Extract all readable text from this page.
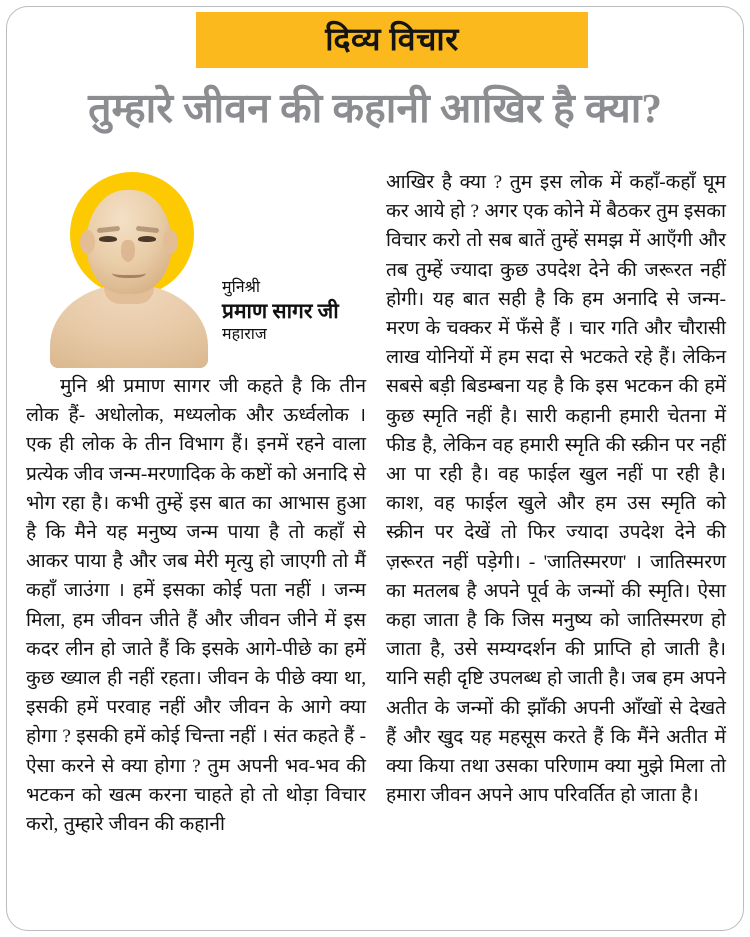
दिव्य विचार
तुम्हारे जीवन की कहानी आखिर है क्या?
मुनिश्री
प्रमाण सागर जी
महाराज

मुनि श्री प्रमाण सागर जी कहते है कि तीन लोक हैं- अधोलोक, मध्यलोक और ऊर्ध्वलोक । एक ही लोक के तीन विभाग हैं। इनमें रहने वाला प्रत्येक जीव जन्म-मरणादिक के कष्टों को अनादि से भोग रहा है। कभी तुम्हें इस बात का आभास हुआ है कि मैने यह मनुष्य जन्म पाया है तो कहाँ से आकर पाया है और जब मेरी मृत्यु हो जाएगी तो मैं कहाँ जाउंगा । हमें इसका कोई पता नहीं । जन्म मिला, हम जीवन जीते हैं और जीवन जीने में इस कदर लीन हो जाते हैं कि इसके आगे-पीछे का हमें कुछ ख्याल ही नहीं रहता। जीवन के पीछे क्या था, इसकी हमें परवाह नहीं और जीवन के आगे क्या होगा ? इसकी हमें कोई चिन्ता नहीं । संत कहते हैं - ऐसा करने से क्या होगा ? तुम अपनी भव-भव की भटकन को खत्म करना चाहते हो तो थोड़ा विचार करो, तुम्हारे जीवन की कहानी

आखिर है क्या ? तुम इस लोक में कहाँ-कहाँ घूम कर आये हो ? अगर एक कोने में बैठकर तुम इसका विचार करो तो सब बातें तुम्हें समझ में आएँगी और तब तुम्हें ज्यादा कुछ उपदेश देने की जरूरत नहीं होगी। यह बात सही है कि हम अनादि से जन्म- मरण के चक्कर में फँसे हैं । चार गति और चौरासी लाख योनियों में हम सदा से भटकते रहे हैं। लेकिन सबसे बड़ी बिडम्बना यह है कि इस भटकन की हमें कुछ स्मृति नहीं है। सारी कहानी हमारी चेतना में फीड है, लेकिन वह हमारी स्मृति की स्क्रीन पर नहीं आ पा रही है। वह फाईल खुल नहीं पा रही है। काश, वह फाईल खुले और हम उस स्मृति को स्क्रीन पर देखें तो फिर ज्यादा उपदेश देने की ज़रूरत नहीं पड़ेगी। - 'जातिस्मरण' । जातिस्मरण का मतलब है अपने पूर्व के जन्मों की स्मृति। ऐसा कहा जाता है कि जिस मनुष्य को जातिस्मरण हो जाता है, उसे सम्यग्दर्शन की प्राप्ति हो जाती है। यानि सही दृष्टि उपलब्ध हो जाती है। जब हम अपने अतीत के जन्मों की झाँकी अपनी आँखों से देखते हैं और खुद यह महसूस करते हैं कि मैंने अतीत में क्या किया तथा उसका परिणाम क्या मुझे मिला तो हमारा जीवन अपने आप परिवर्तित हो जाता है।
